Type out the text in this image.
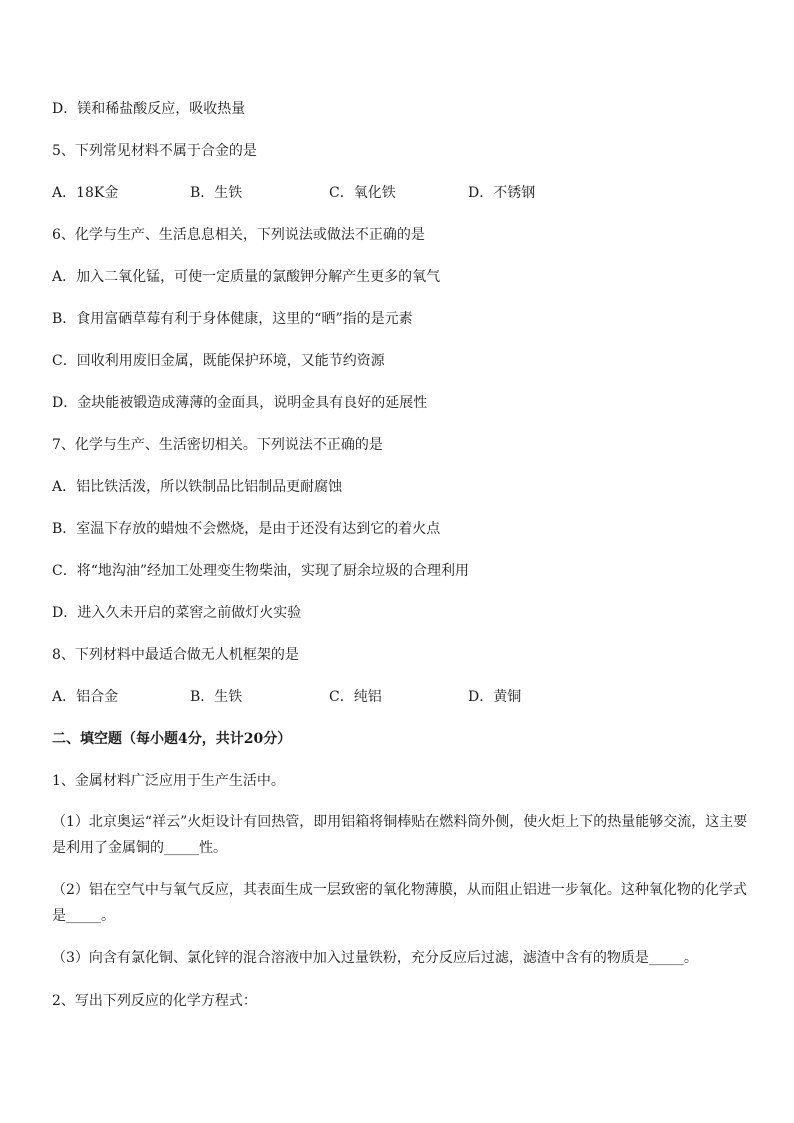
D．镁和稀盐酸反应，吸收热量
5、下列常见材料不属于合金的是
A．18K金	B．生铁	C．氧化铁	D．不锈钢
6、化学与生产、生活息息相关，下列说法或做法不正确的是
A．加入二氧化锰，可使一定质量的氯酸钾分解产生更多的氧气
B．食用富硒草莓有利于身体健康，这里的“晒”指的是元素
C．回收利用废旧金属，既能保护环境，又能节约资源
D．金块能被锻造成薄薄的金面具，说明金具有良好的延展性
7、化学与生产、生活密切相关。下列说法不正确的是
A．铝比铁活泼，所以铁制品比铝制品更耐腐蚀
B．室温下存放的蜡烛不会燃烧，是由于还没有达到它的着火点
C．将“地沟油”经加工处理变生物柴油，实现了厨余垃圾的合理利用
D．进入久未开启的菜窖之前做灯火实验
8、下列材料中最适合做无人机框架的是
A．铝合金	B．生铁	C．纯铝	D．黄铜
二、填空题（每小题4分，共计20分）
1、金属材料广泛应用于生产生活中。
（1）北京奥运“祥云”火炬设计有回热管，即用铝箱将铜棒贴在燃料筒外侧，使火炬上下的热量能够交流，这主要是利用了金属铜的_____性。
（2）铝在空气中与氧气反应，其表面生成一层致密的氧化物薄膜，从而阻止铝进一步氧化。这种氧化物的化学式是_____。
（3）向含有氯化铜、氯化锌的混合溶液中加入过量铁粉，充分反应后过滤，滤渣中含有的物质是_____。
2、写出下列反应的化学方程式：
